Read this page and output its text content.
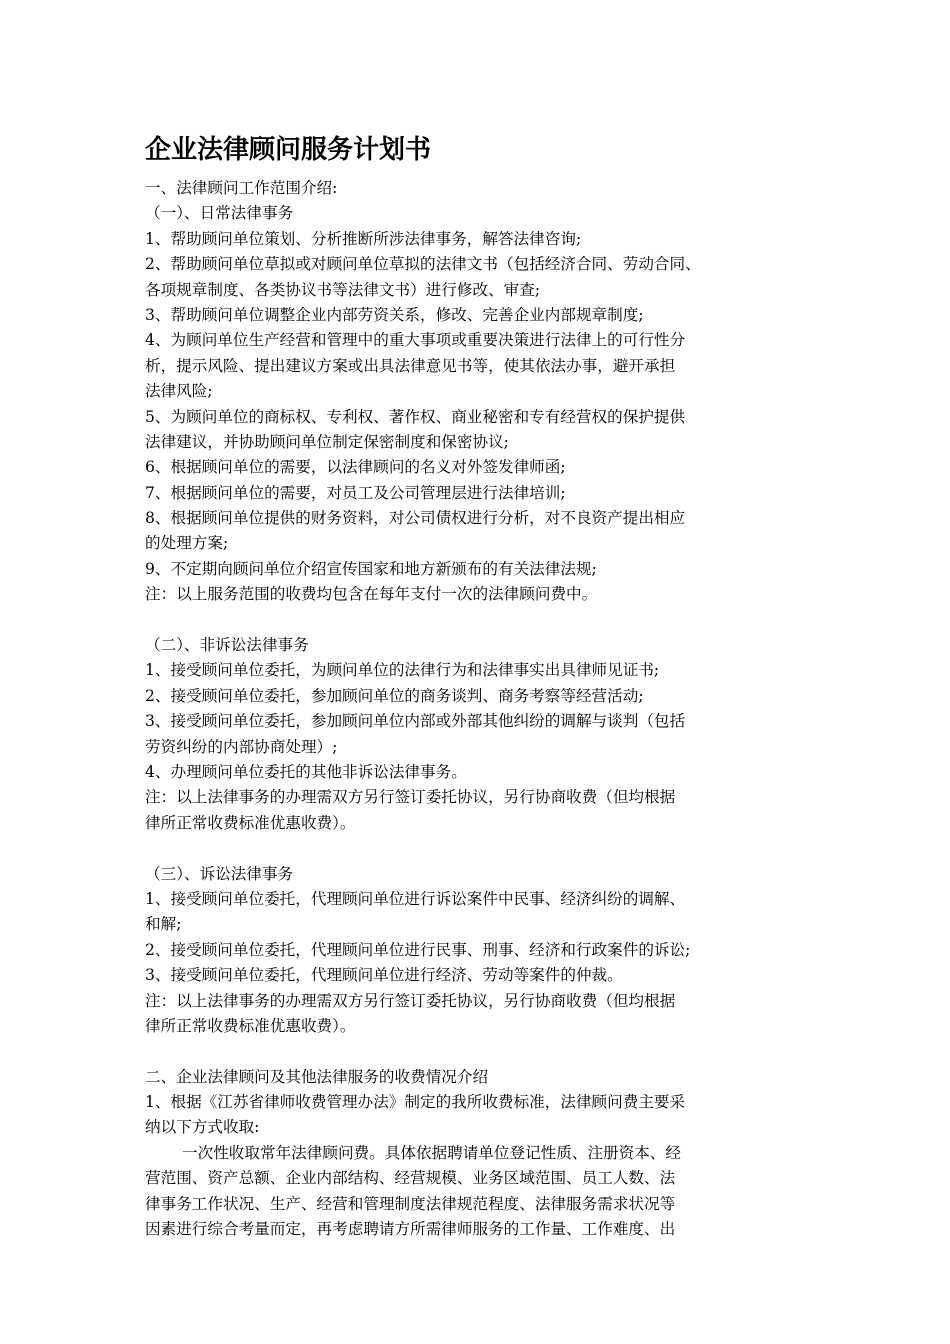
企业法律顾问服务计划书
一、法律顾问工作范围介绍:
（一）、日常法律事务
1、帮助顾问单位策划、分析推断所涉法律事务，解答法律咨询;
2、帮助顾问单位草拟或对顾问单位草拟的法律文书（包括经济合同、劳动合同、
各项规章制度、各类协议书等法律文书）进行修改、审查;
3、帮助顾问单位调整企业内部劳资关系，修改、完善企业内部规章制度;
4、为顾问单位生产经营和管理中的重大事项或重要决策进行法律上的可行性分
析，提示风险、提出建议方案或出具法律意见书等，使其依法办事，避开承担
法律风险;
5、为顾问单位的商标权、专利权、著作权、商业秘密和专有经营权的保护提供
法律建议，并协助顾问单位制定保密制度和保密协议;
6、根据顾问单位的需要，以法律顾问的名义对外签发律师函;
7、根据顾问单位的需要，对员工及公司管理层进行法律培训;
8、根据顾问单位提供的财务资料，对公司债权进行分析，对不良资产提出相应
的处理方案;
9、不定期向顾问单位介绍宣传国家和地方新颁布的有关法律法规;
注：以上服务范围的收费均包含在每年支付一次的法律顾问费中。
（二）、非诉讼法律事务
1、接受顾问单位委托，为顾问单位的法律行为和法律事实出具律师见证书;
2、接受顾问单位委托，参加顾问单位的商务谈判、商务考察等经营活动;
3、接受顾问单位委托，参加顾问单位内部或外部其他纠纷的调解与谈判（包括
劳资纠纷的内部协商处理）;
4、办理顾问单位委托的其他非诉讼法律事务。
注：以上法律事务的办理需双方另行签订委托协议，另行协商收费（但均根据
律所正常收费标准优惠收费）。
（三）、诉讼法律事务
1、接受顾问单位委托，代理顾问单位进行诉讼案件中民事、经济纠纷的调解、
和解;
2、接受顾问单位委托，代理顾问单位进行民事、刑事、经济和行政案件的诉讼;
3、接受顾问单位委托，代理顾问单位进行经济、劳动等案件的仲裁。
注：以上法律事务的办理需双方另行签订委托协议，另行协商收费（但均根据
律所正常收费标准优惠收费）。
二、企业法律顾问及其他法律服务的收费情况介绍
1、根据《江苏省律师收费管理办法》制定的我所收费标准，法律顾问费主要采
纳以下方式收取:
一次性收取常年法律顾问费。具体依据聘请单位登记性质、注册资本、经
营范围、资产总额、企业内部结构、经营规模、业务区域范围、员工人数、法
律事务工作状况、生产、经营和管理制度法律规范程度、法律服务需求状况等
因素进行综合考量而定，再考虑聘请方所需律师服务的工作量、工作难度、出
